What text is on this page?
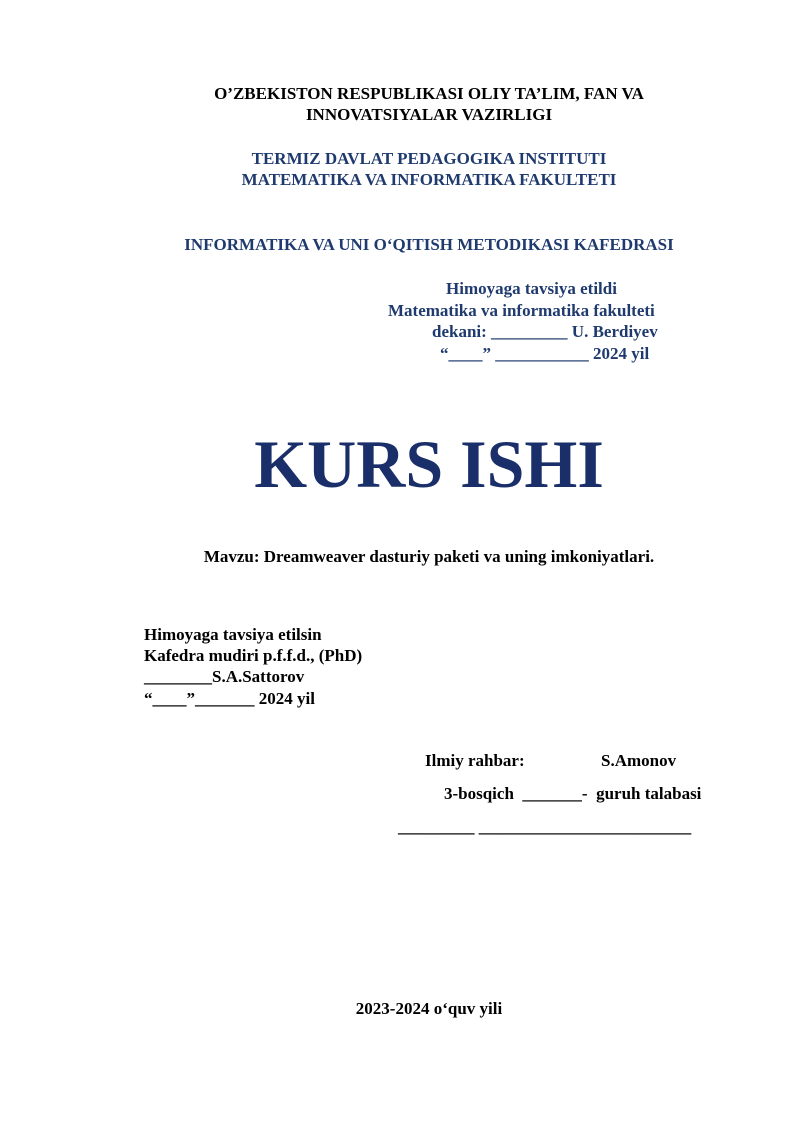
O’ZBEKISTON RESPUBLIKASI OLIY TA’LIM, FAN VA
INNOVATSIYALAR VAZIRLIGI
TERMIZ DAVLAT PEDAGOGIKA INSTITUTI
MATEMATIKA VA INFORMATIKA FAKULTETI
INFORMATIKA VA UNI O‘QITISH METODIKASI KAFEDRASI
Himoyaga tavsiya etildi
Matematika va informatika fakulteti
dekani: _________ U. Berdiyev
“____” ___________ 2024 yil
KURS ISHI
Mavzu: Dreamweaver dasturiy paketi va uning imkoniyatlari.
Himoyaga tavsiya etilsin
Kafedra mudiri p.f.f.d., (PhD)
________S.A.Sattorov
“____”_______ 2024 yil
Ilmiy rahbar:	S.Amonov
3-bosqich  _______-  guruh talabasi
_________ _________________________
2023-2024 o‘quv yili
